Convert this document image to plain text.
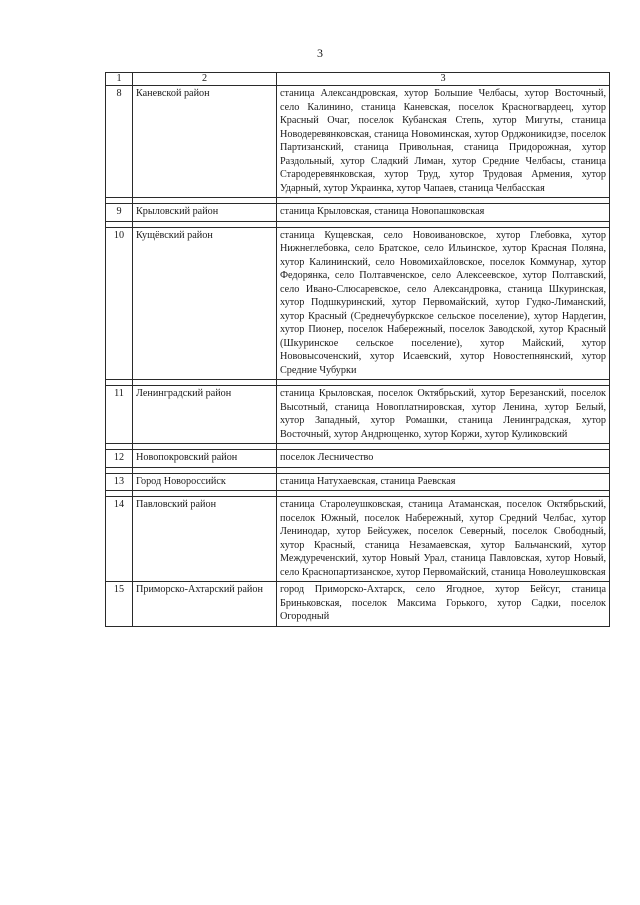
3
1	2	3
8	Каневской район	станица Александровская, хутор Большие Челбасы, хутор Восточный, село Калинино, станица Каневская, поселок Красногвардеец, хутор Красный Очаг, поселок Кубанская Степь, хутор Мигуты, станица Новодеревянковская, станица Новоминская, хутор Орджоникидзе, поселок Партизанский, станица Привольная, станица Придорожная, хутор Раздольный, хутор Сладкий Лиман, хутор Средние Челбасы, станица Стародеревянковская, хутор Труд, хутор Трудовая Армения, хутор Ударный, хутор Украинка, хутор Чапаев, станица Челбасская

9	Крыловский район	станица Крыловская, станица Новопашковская

10	Кущёвский район	станица Кущевская, село Новоивановское, хутор Глебовка, хутор Нижнеглебовка, село Братское, село Ильинское, хутор Красная Поляна, хутор Калининский, село Новомихайловское, поселок Коммунар, хутор Федорянка, село Полтавченское, село Алексеевское, хутор Полтавский, село Ивано-Слюсаревское, село Александровка, станица Шкуринская, хутор Подшкуринский, хутор Первомайский, хутор Гудко-Лиманский, хутор Красный (Среднечубуркское сельское поселение), хутор Нардегин, хутор Пионер, поселок Набережный, поселок Заводской, хутор Красный (Шкуринское сельское поселение), хутор Майский, хутор Нововысоченский, хутор Исаевский, хутор Новостепнянский, хутор Средние Чубурки

11	Ленинградский район	станица Крыловская, поселок Октябрьский, хутор Березанский, поселок Высотный, станица Новоплатнировская, хутор Ленина, хутор Белый, хутор Западный, хутор Ромашки, станица Ленинградская, хутор Восточный, хутор Андрющенко, хутор Коржи, хутор Куликовский

12	Новопокровский район	поселок Лесничество

13	Город Новороссийск	станица Натухаевская, станица Раевская

14	Павловский район	станица Старолеушковская, станица Атаманская, поселок Октябрьский, поселок Южный, поселок Набережный, хутор Средний Челбас, хутор Ленинодар, хутор Бейсужек, поселок Северный, поселок Свободный, хутор Красный, станица Незамаевская, хутор Бальчанский, хутор Междуреченский, хутор Новый Урал, станица Павловская, хутор Новый, село Краснопартизанское, хутор Первомайский, станица Новолеушковская
15	Приморско-Ахтарский район	город Приморско-Ахтарск, село Ягодное, хутор Бейсуг, станица Бриньковская, поселок Максима Горького, хутор Садки, поселок Огородный
